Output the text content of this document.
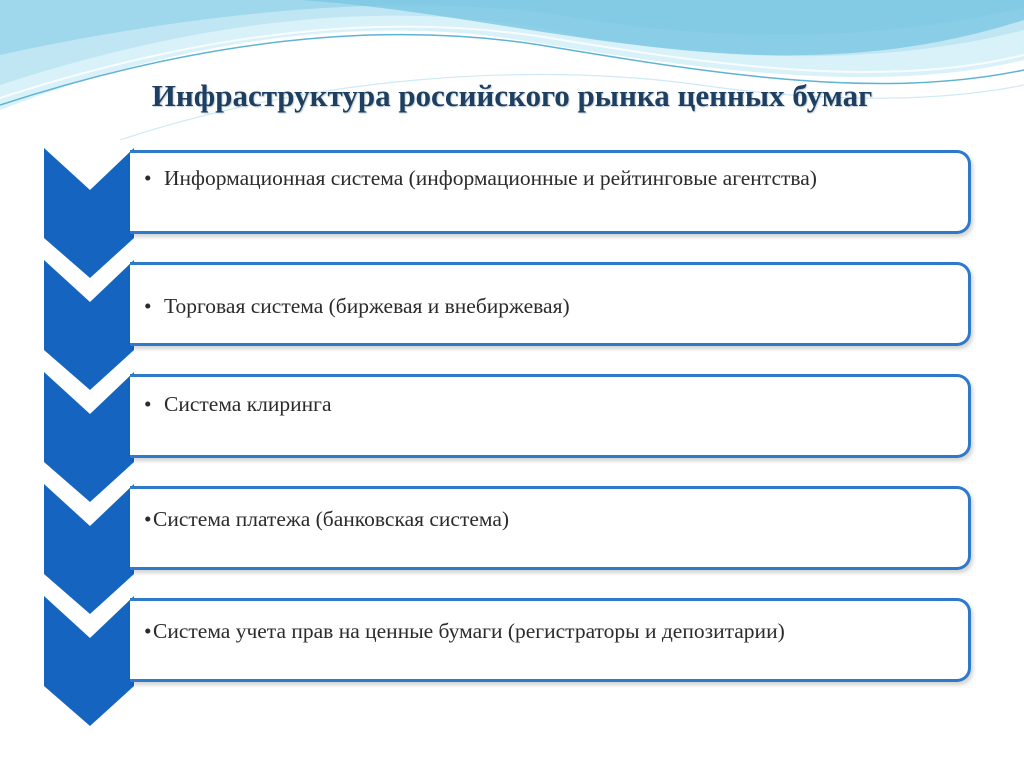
Инфраструктура российского рынка ценных бумаг
• Информационная система (информационные и рейтинговые агентства)
• Торговая система (биржевая и внебиржевая)
• Система клиринга
•Система платежа (банковская система)
•Система учета прав на ценные бумаги (регистраторы и депозитарии)
